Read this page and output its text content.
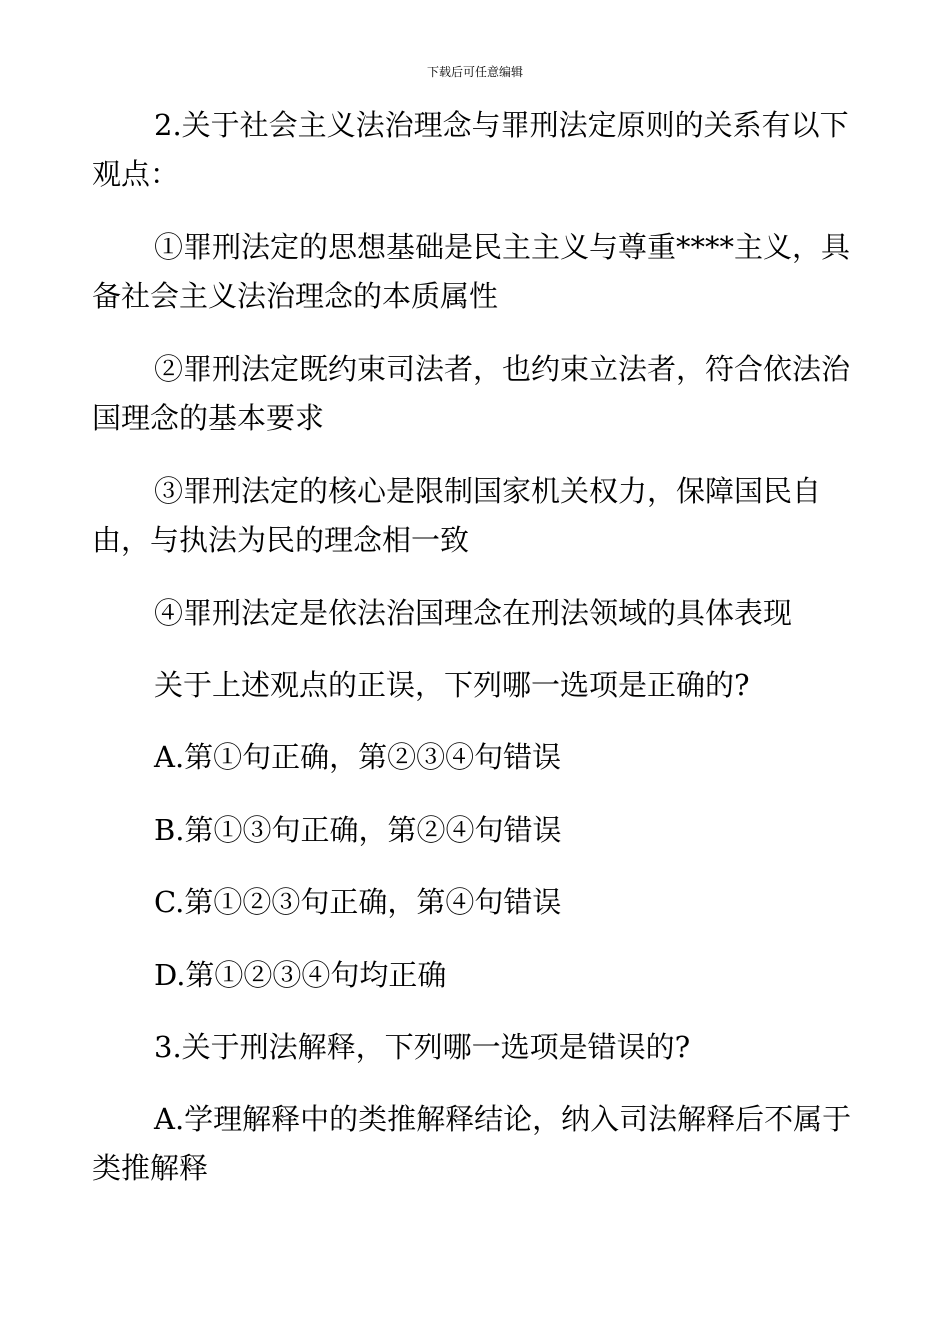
下载后可任意编辑

2.关于社会主义法治理念与罪刑法定原则的关系有以下观点：

①罪刑法定的思想基础是民主主义与尊重****主义，具备社会主义法治理念的本质属性

②罪刑法定既约束司法者，也约束立法者，符合依法治国理念的基本要求

③罪刑法定的核心是限制国家机关权力，保障国民自由，与执法为民的理念相一致

④罪刑法定是依法治国理念在刑法领域的具体表现

关于上述观点的正误，下列哪一选项是正确的?

A.第①句正确，第②③④句错误

B.第①③句正确，第②④句错误

C.第①②③句正确，第④句错误

D.第①②③④句均正确

3.关于刑法解释，下列哪一选项是错误的?

A.学理解释中的类推解释结论，纳入司法解释后不属于类推解释
